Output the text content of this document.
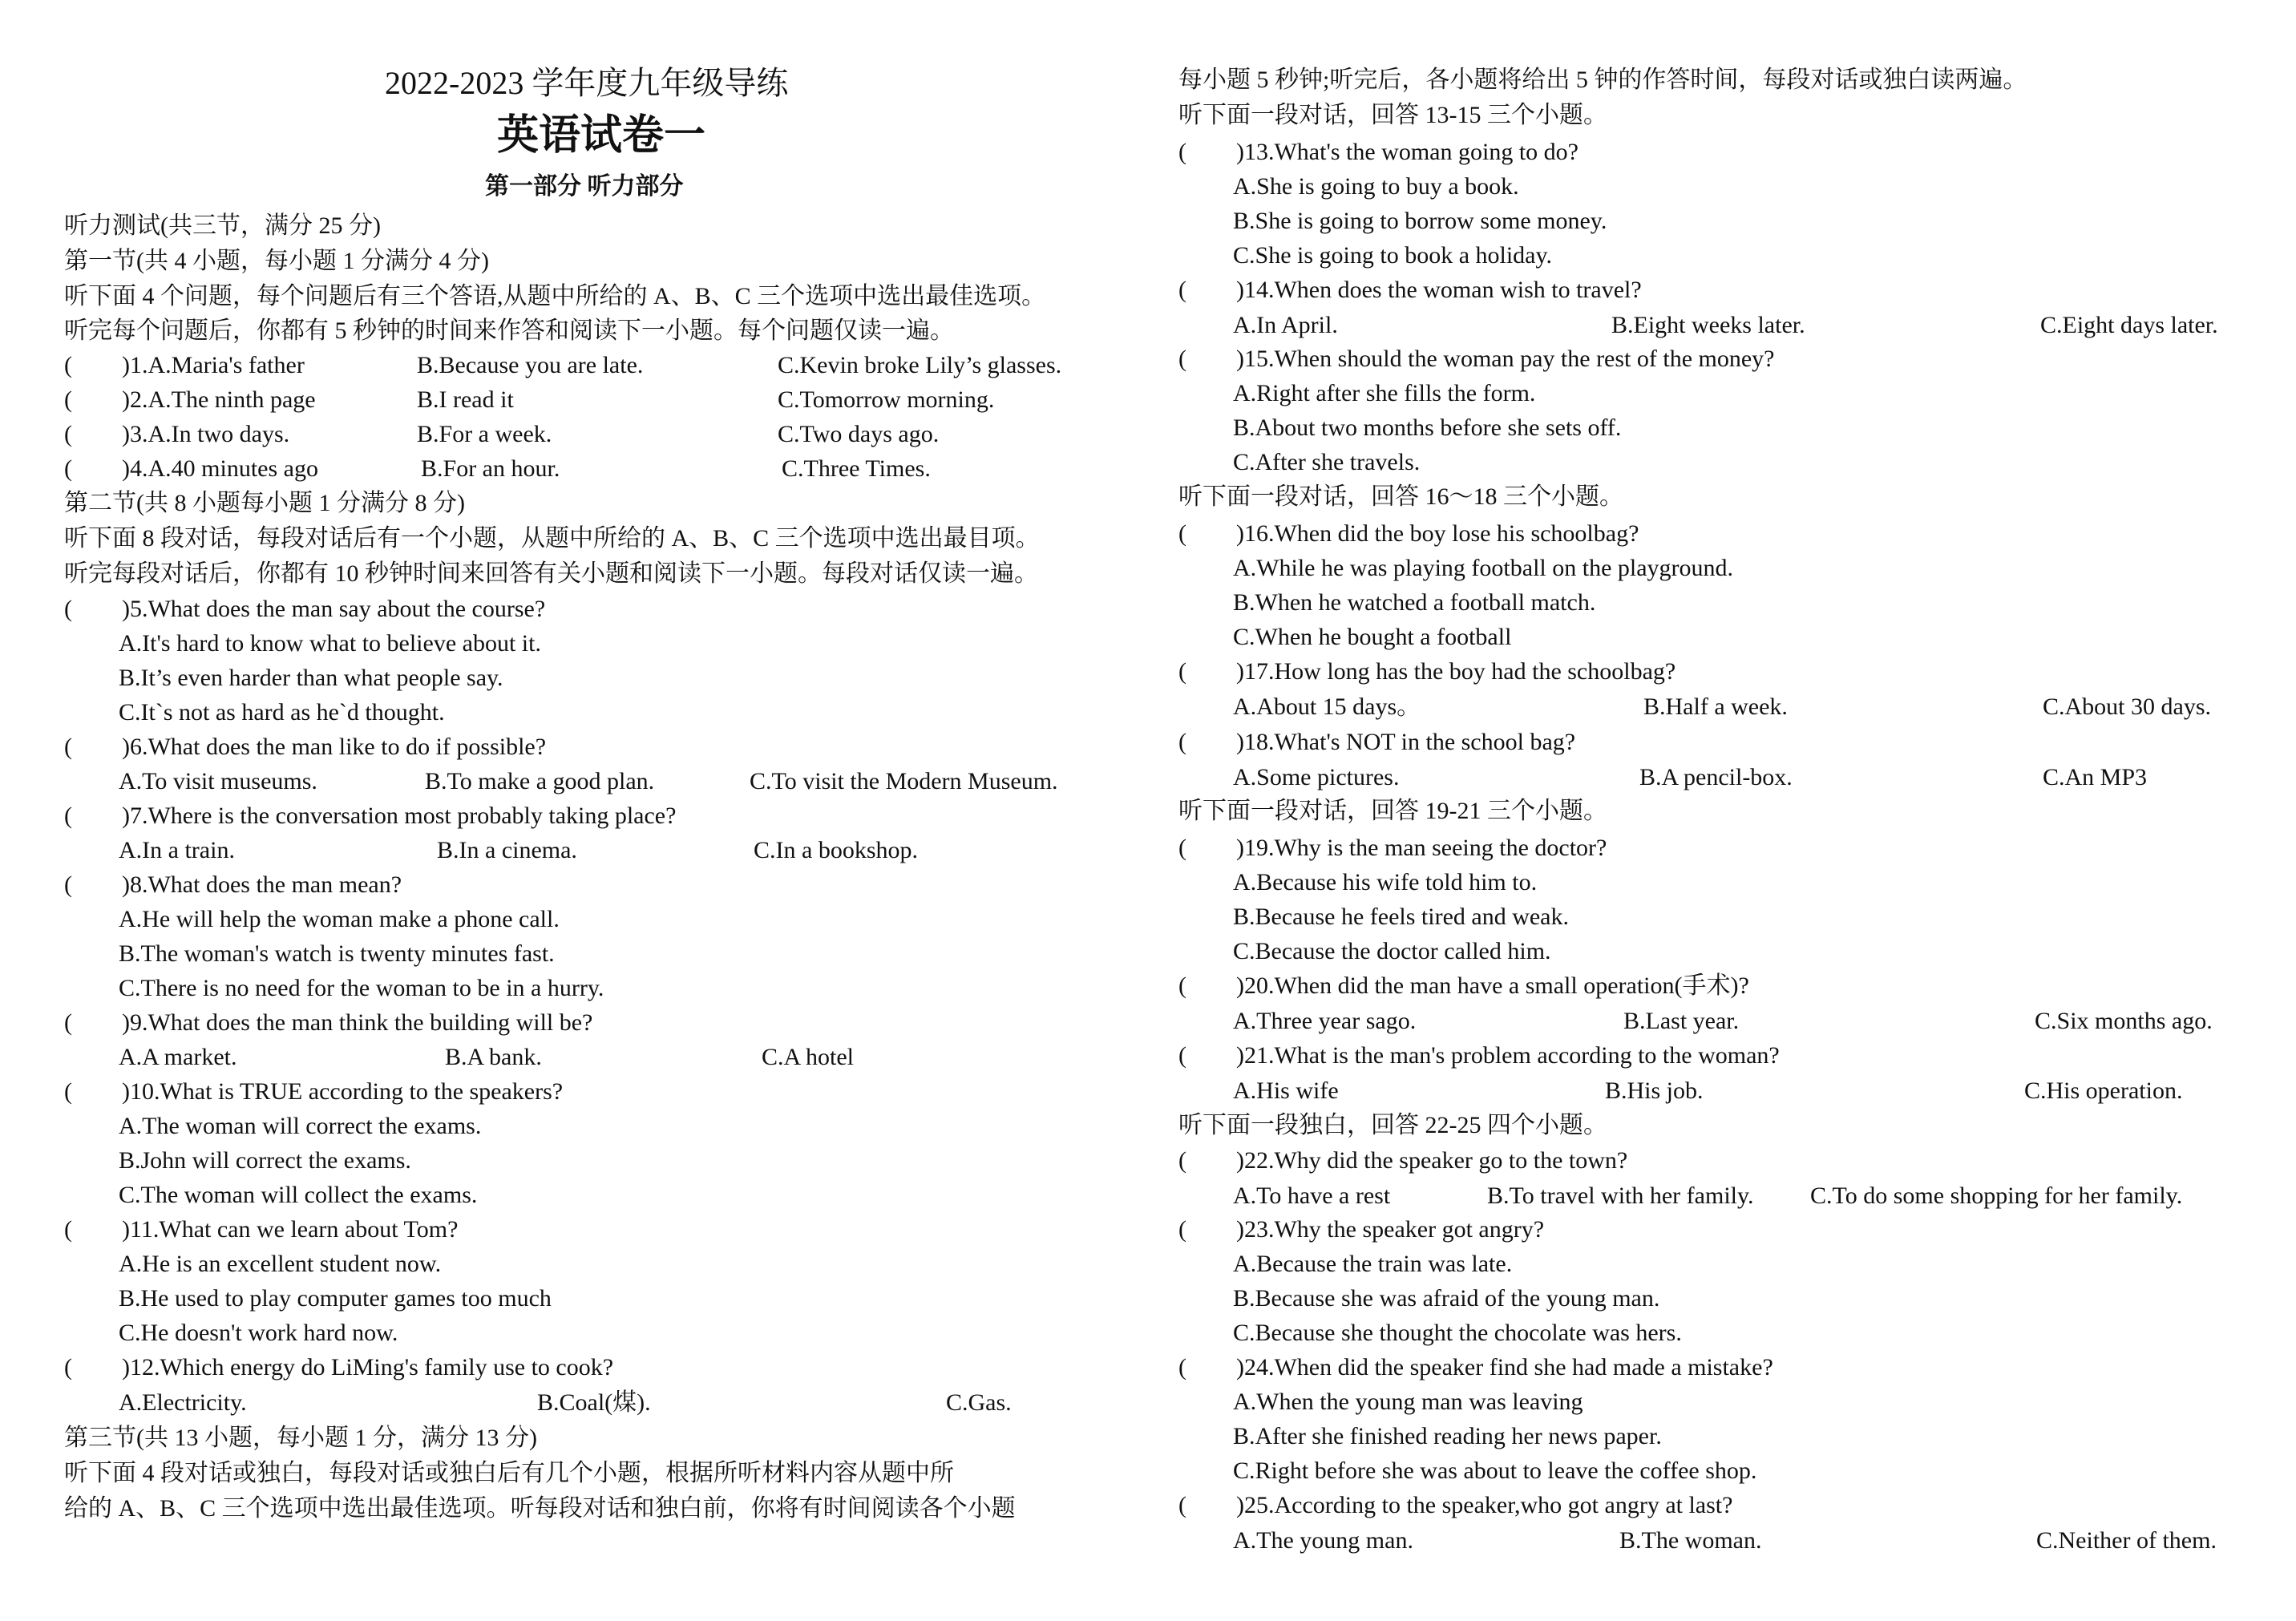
2022-2023 学年度九年级导练
英语试卷一
第一部分 听力部分
听力测试(共三节，满分 25 分)
第一节(共 4 小题，每小题 1 分满分 4 分)
听下面 4 个问题，每个问题后有三个答语,从题中所给的 A、B、C 三个选项中选出最佳选项。
听完每个问题后，你都有 5 秒钟的时间来作答和阅读下一小题。每个问题仅读一遍。
( )1.A.Maria's father	B.Because you are late.	C.Kevin broke Lily’s glasses.
( )2.A.The ninth page	B.I read it	C.Tomorrow morning.
( )3.A.In two days.	B.For a week.	C.Two days ago.
( )4.A.40 minutes ago	B.For an hour.	C.Three Times.
第二节(共 8 小题每小题 1 分满分 8 分)
听下面 8 段对话，每段对话后有一个小题，从题中所给的 A、B、C 三个选项中选出最目项。
听完每段对话后，你都有 10 秒钟时间来回答有关小题和阅读下一小题。每段对话仅读一遍。
( )5.What does the man say about the course?
A.It's hard to know what to believe about it.
B.It’s even harder than what people say.
C.It`s not as hard as he`d thought.
( )6.What does the man like to do if possible?
A.To visit museums.	B.To make a good plan.	C.To visit the Modern Museum.
( )7.Where is the conversation most probably taking place?
A.In a train.	B.In a cinema.	C.In a bookshop.
( )8.What does the man mean?
A.He will help the woman make a phone call.
B.The woman's watch is twenty minutes fast.
C.There is no need for the woman to be in a hurry.
( )9.What does the man think the building will be?
A.A market.	B.A bank.	C.A hotel
( )10.What is TRUE according to the speakers?
A.The woman will correct the exams.
B.John will correct the exams.
C.The woman will collect the exams.
( )11.What can we learn about Tom?
A.He is an excellent student now.
B.He used to play computer games too much
C.He doesn't work hard now.
( )12.Which energy do LiMing's family use to cook?
A.Electricity.	B.Coal(煤).	C.Gas.
第三节(共 13 小题，每小题 1 分，满分 13 分)
听下面 4 段对话或独白，每段对话或独白后有几个小题，根据所听材料内容从题中所
给的 A、B、C 三个选项中选出最佳选项。听每段对话和独白前，你将有时间阅读各个小题
每小题 5 秒钟;听完后，各小题将给出 5 钟的作答时间，每段对话或独白读两遍。
听下面一段对话，回答 13-15 三个小题。
( )13.What's the woman going to do?
A.She is going to buy a book.
B.She is going to borrow some money.
C.She is going to book a holiday.
( )14.When does the woman wish to travel?
A.In April.	B.Eight weeks later.	C.Eight days later.
( )15.When should the woman pay the rest of the money?
A.Right after she fills the form.
B.About two months before she sets off.
C.After she travels.
听下面一段对话，回答 16～18 三个小题。
( )16.When did the boy lose his schoolbag?
A.While he was playing football on the playground.
B.When he watched a football match.
C.When he bought a football
( )17.How long has the boy had the schoolbag?
A.About 15 days。	B.Half a week.	C.About 30 days.
( )18.What's NOT in the school bag?
A.Some pictures.	B.A pencil-box.	C.An MP3
听下面一段对话，回答 19-21 三个小题。
( )19.Why is the man seeing the doctor?
A.Because his wife told him to.
B.Because he feels tired and weak.
C.Because the doctor called him.
( )20.When did the man have a small operation(手术)?
A.Three year sago.	B.Last year.	C.Six months ago.
( )21.What is the man's problem according to the woman?
A.His wife	B.His job.	C.His operation.
听下面一段独白，回答 22-25 四个小题。
( )22.Why did the speaker go to the town?
A.To have a rest	B.To travel with her family. C.To do some shopping for her family.
( )23.Why the speaker got angry?
A.Because the train was late.
B.Because she was afraid of the young man.
C.Because she thought the chocolate was hers.
( )24.When did the speaker find she had made a mistake?
A.When the young man was leaving
B.After she finished reading her news paper.
C.Right before she was about to leave the coffee shop.
( )25.According to the speaker,who got angry at last?
A.The young man.	B.The woman.	C.Neither of them.
